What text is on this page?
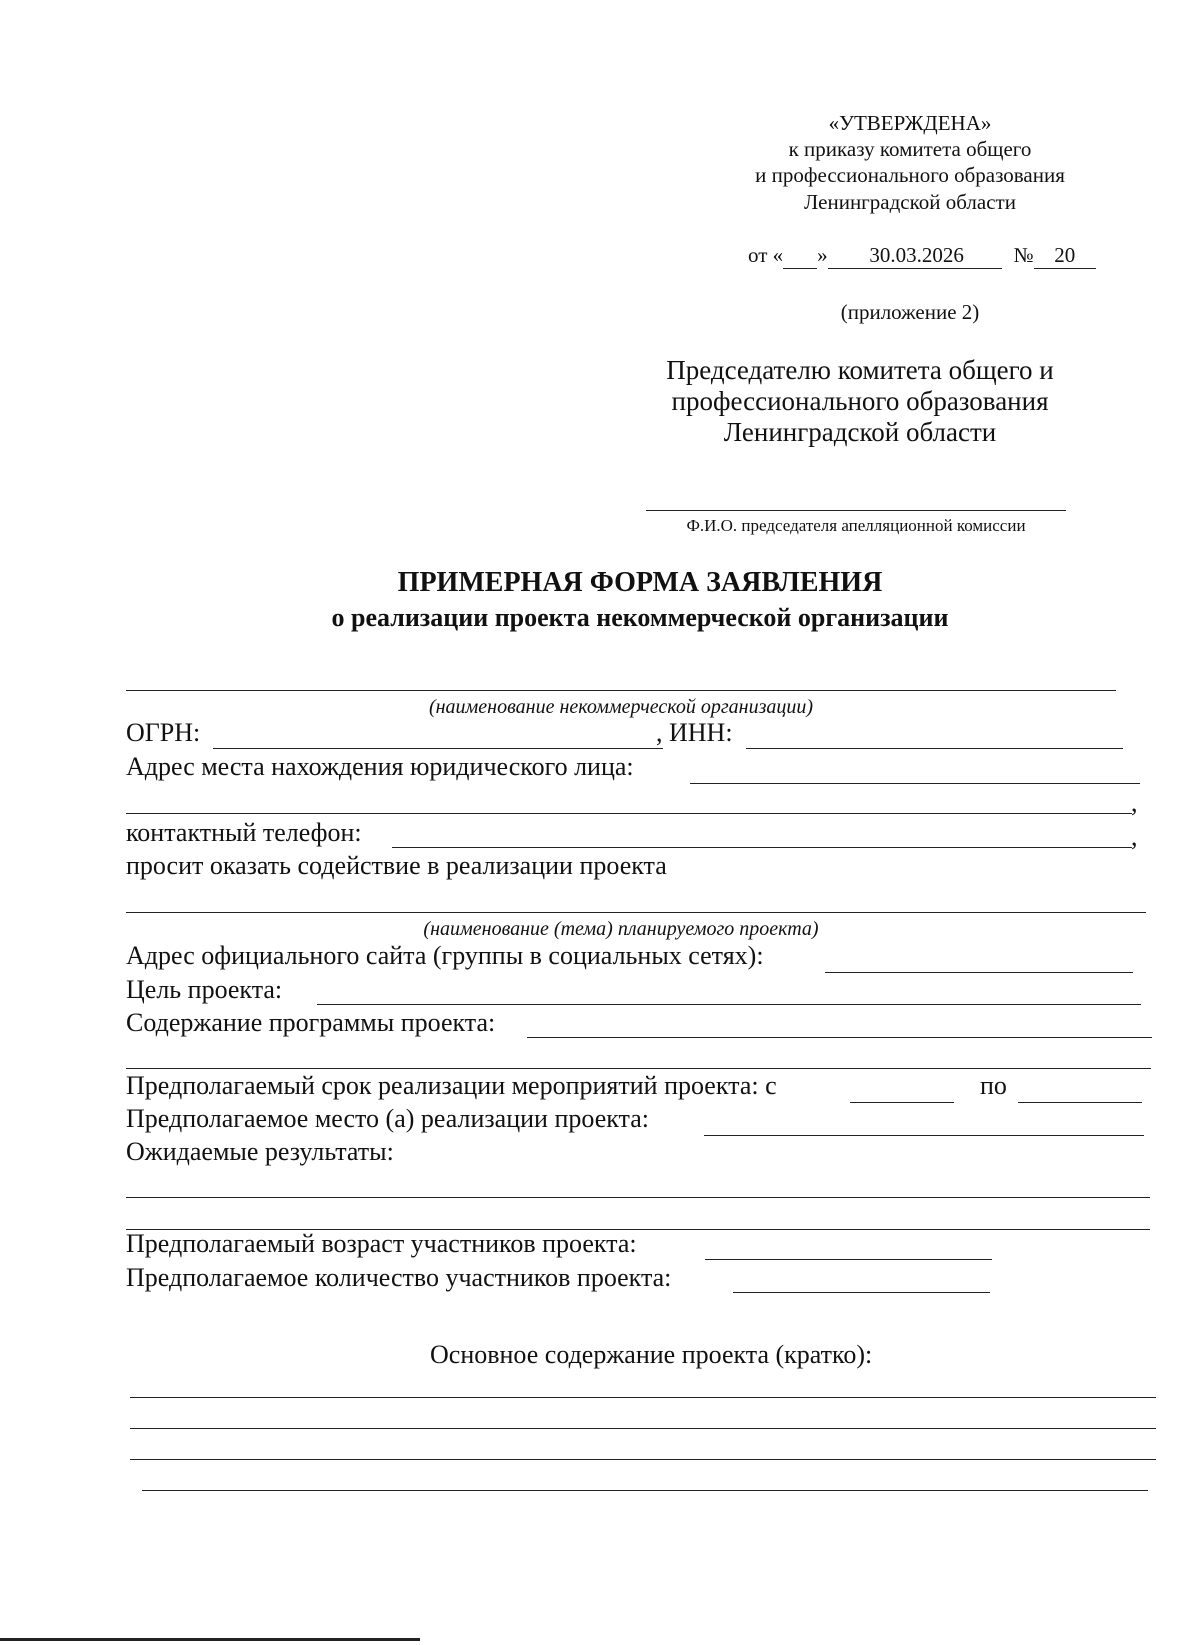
«УТВЕРЖДЕНА»
к приказу комитета общего
и профессионального образования
Ленинградской области
от « » 30.03.2026 № 20
(приложение 2)
Председателю комитета общего и
профессионального образования
Ленинградской области
Ф.И.О. председателя апелляционной комиссии
ПРИМЕРНАЯ ФОРМА ЗАЯВЛЕНИЯ
о реализации проекта некоммерческой организации
(наименование некоммерческой организации)
ОГРН:	, ИНН:
Адрес места нахождения юридического лица:
,
контактный телефон:	,
просит оказать содействие в реализации проекта
(наименование (тема) планируемого проекта)
Адрес официального сайта (группы в социальных сетях):
Цель проекта:
Содержание программы проекта:
Предполагаемый срок реализации мероприятий проекта: с	по
Предполагаемое место (а) реализации проекта:
Ожидаемые результаты:
Предполагаемый возраст участников проекта:
Предполагаемое количество участников проекта:
Основное содержание проекта (кратко):
